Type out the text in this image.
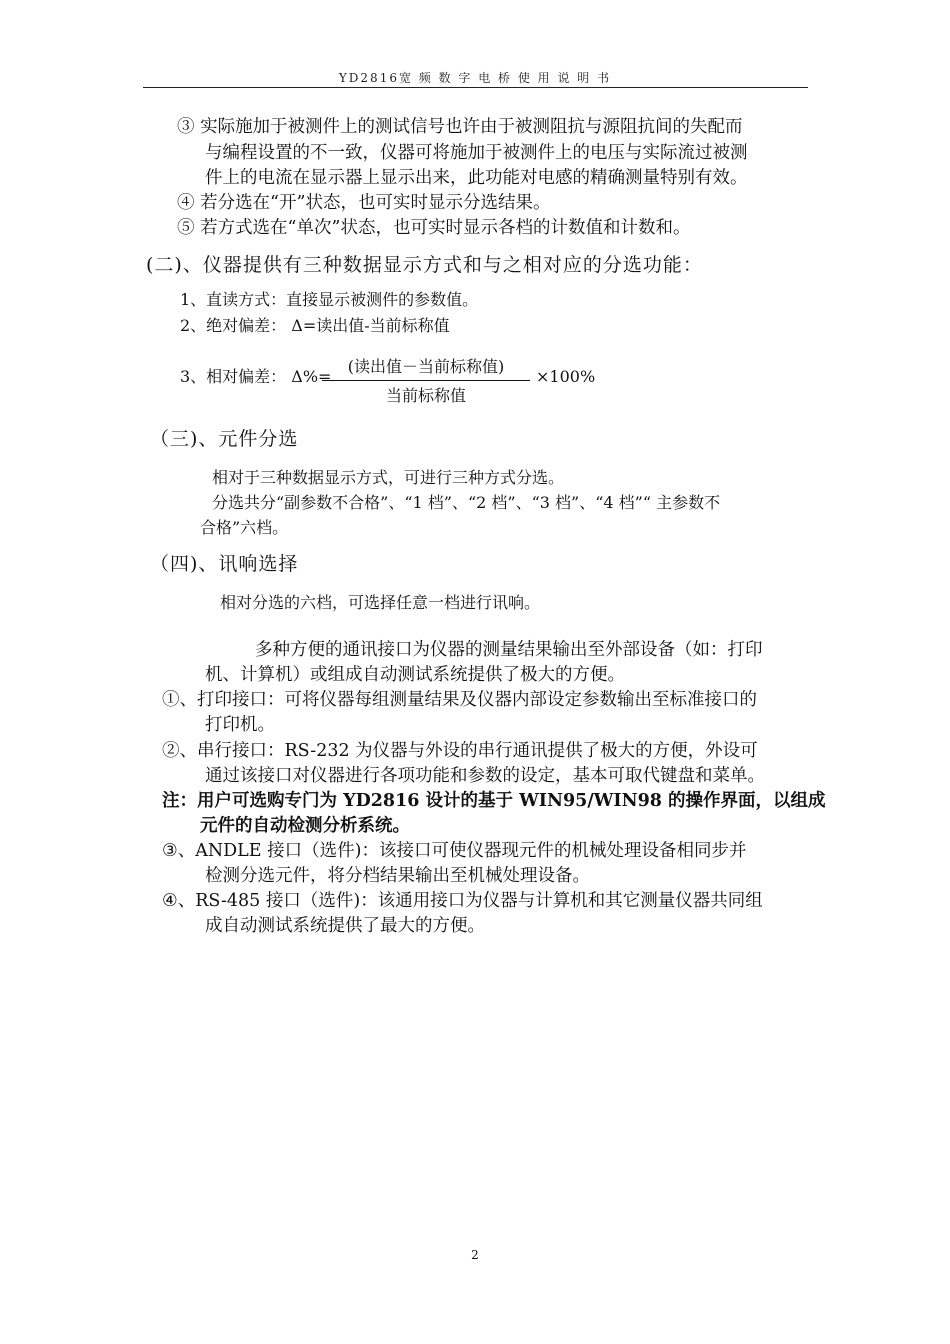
YD2816宽 频 数 字 电 桥 使 用 说 明 书
③ 实际施加于被测件上的测试信号也许由于被测阻抗与源阻抗间的失配而
与编程设置的不一致，仪器可将施加于被测件上的电压与实际流过被测
件上的电流在显示器上显示出来，此功能对电感的精确测量特别有效。
④ 若分选在“开”状态，也可实时显示分选结果。
⑤ 若方式选在“单次”状态，也可实时显示各档的计数值和计数和。
(二)、仪器提供有三种数据显示方式和与之相对应的分选功能：
1、直读方式：直接显示被测件的参数值。
2、绝对偏差： Δ=读出值-当前标称值
3、相对偏差： Δ%=
(读出值－当前标称值)
当前标称值
×100%
（三)、元件分选
相对于三种数据显示方式，可进行三种方式分选。
分选共分“副参数不合格”、“1 档”、“2 档”、“3 档”、“4 档”“ 主参数不
合格”六档。
（四)、讯响选择
相对分选的六档，可选择任意一档进行讯响。
多种方便的通讯接口为仪器的测量结果输出至外部设备（如：打印
机、计算机）或组成自动测试系统提供了极大的方便。
①、打印接口：可将仪器每组测量结果及仪器内部设定参数输出至标准接口的
打印机。
②、串行接口：RS-232 为仪器与外设的串行通讯提供了极大的方便，外设可
通过该接口对仪器进行各项功能和参数的设定，基本可取代键盘和菜单。
注：用户可选购专门为 YD2816 设计的基于 WIN95/WIN98 的操作界面，以组成
元件的自动检测分析系统。
③、ANDLE 接口（选件)：该接口可使仪器现元件的机械处理设备相同步并
检测分选元件，将分档结果输出至机械处理设备。
④、RS-485 接口（选件)：该通用接口为仪器与计算机和其它测量仪器共同组
成自动测试系统提供了最大的方便。
2
